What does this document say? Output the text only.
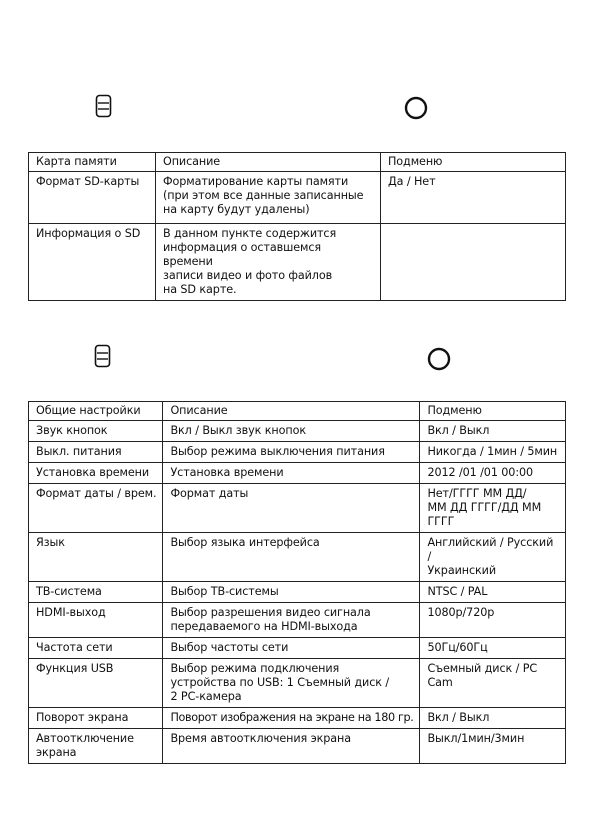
Карта памяти	Описание	Подменю
Формат SD-карты	Форматирование карты памяти
(при этом все данные записанные
на карту будут удалены)	Да / Нет
Информация о SD	В данном пункте содержится
информация о оставшемся времени
записи видео и фото файлов
на SD карте.	
Общие настройки	Описание	Подменю
Звук кнопок	Вкл / Выкл звук кнопок	Вкл / Выкл
Выкл. питания	Выбор режима выключения питания	Никогда / 1мин / 5мин
Установка времени	Установка времени	2012 /01 /01 00:00
Формат даты / врем.	Формат даты	Нет/ГГГГ ММ ДД/
ММ ДД ГГГГ/ДД ММ ГГГГ
Язык	Выбор языка интерфейса	Английский / Русский /
Украинский
ТВ-система	Выбор ТВ-системы	NTSC / PAL
HDMI-выход	Выбор разрешения видео сигнала
передаваемого на HDMI-выхода	1080p/720p
Частота сети	Выбор частоты сети	50Гц/60Гц
Функция USB	Выбор режима подключения
устройства по USB: 1 Съемный диск /
2 PC-камера	Съемный диск / PC Cam
Поворот экрана	Поворот изображения на экране на 180 гр.	Вкл / Выкл
Автоотключение
экрана	Время автоотключения экрана	Выкл/1мин/3мин
